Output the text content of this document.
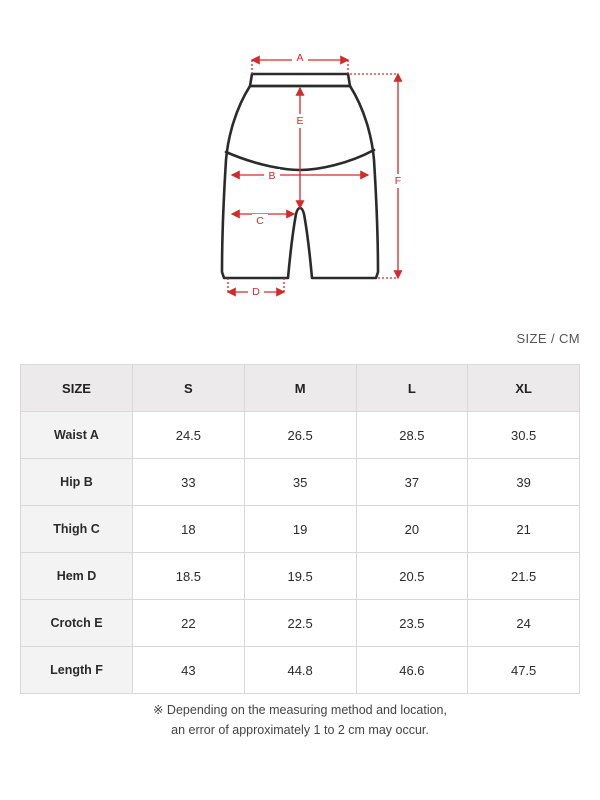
A
E
B
C
D
F
SIZE / CM
SIZE	S	M	L	XL
Waist A	24.5	26.5	28.5	30.5
Hip B	33	35	37	39
Thigh C	18	19	20	21
Hem D	18.5	19.5	20.5	21.5
Crotch E	22	22.5	23.5	24
Length F	43	44.8	46.6	47.5
※ Depending on the measuring method and location,
an error of approximately 1 to 2 cm may occur.
